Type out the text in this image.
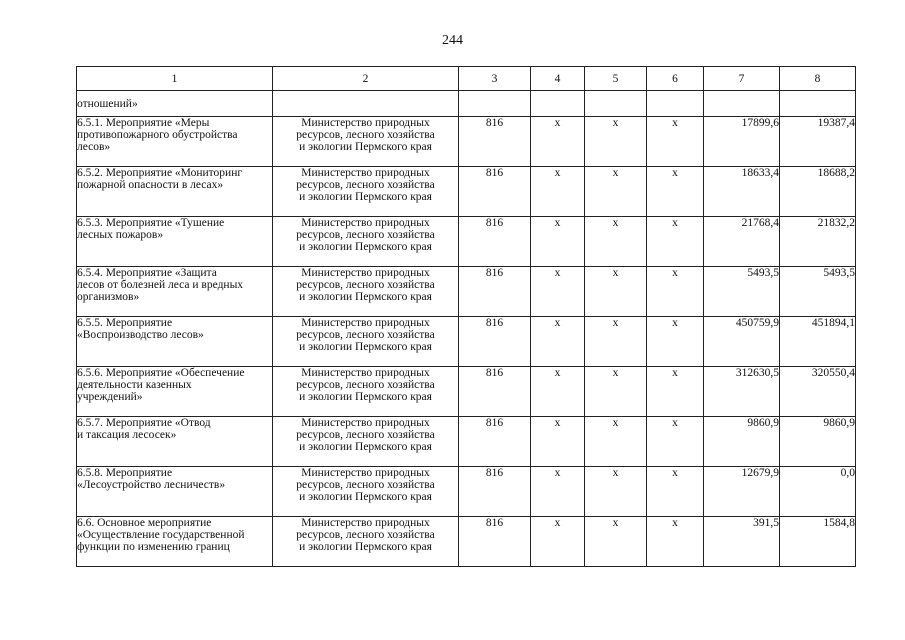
244
1	2	3	4	5	6	7	8
отношений»							

6.5.1. Мероприятие «Меры
противопожарного обустройства
лесов»	Министерство природных
ресурсов, лесного хозяйства
и экологии Пермского края	816	х	х	х	17899,6	19387,4

6.5.2. Мероприятие «Мониторинг
пожарной опасности в лесах»	Министерство природных
ресурсов, лесного хозяйства
и экологии Пермского края	816	х	х	х	18633,4	18688,2

6.5.3. Мероприятие «Тушение
лесных пожаров»	Министерство природных
ресурсов, лесного хозяйства
и экологии Пермского края	816	х	х	х	21768,4	21832,2

6.5.4. Мероприятие «Защита
лесов от болезней леса и вредных
организмов»	Министерство природных
ресурсов, лесного хозяйства
и экологии Пермского края	816	х	х	х	5493,5	5493,5

6.5.5. Мероприятие
«Воспроизводство лесов»	Министерство природных
ресурсов, лесного хозяйства
и экологии Пермского края	816	х	х	х	450759,9	451894,1

6.5.6. Мероприятие «Обеспечение
деятельности казенных
учреждений»	Министерство природных
ресурсов, лесного хозяйства
и экологии Пермского края	816	х	х	х	312630,5	320550,4

6.5.7. Мероприятие «Отвод
и таксация лесосек»	Министерство природных
ресурсов, лесного хозяйства
и экологии Пермского края	816	х	х	х	9860,9	9860,9

6.5.8. Мероприятие
«Лесоустройство лесничеств»	Министерство природных
ресурсов, лесного хозяйства
и экологии Пермского края	816	х	х	х	12679,9	0,0

6.6. Основное мероприятие
«Осуществление государственной
функции по изменению границ	Министерство природных
ресурсов, лесного хозяйства
и экологии Пермского края	816	х	х	х	391,5	1584,8
